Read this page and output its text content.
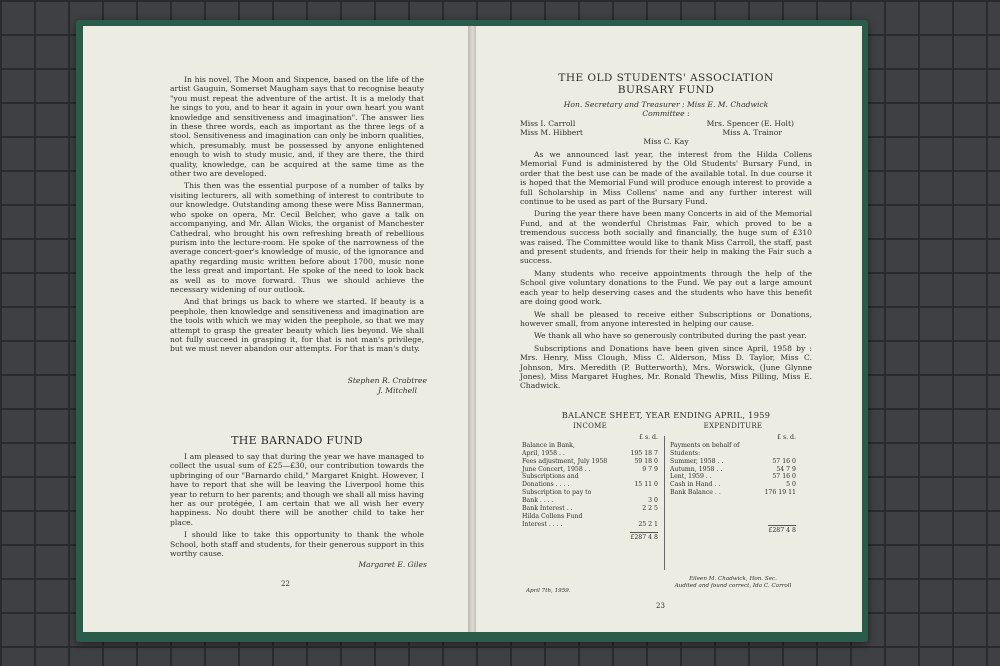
In his novel, The Moon and Sixpence, based on the life of the artist Gauguin, Somerset Maugham says that to recognise beauty "you must repeat the adventure of the artist. It is a melody that he sings to you, and to hear it again in your own heart you want knowledge and sensitiveness and imagination". The answer lies in these three words, each as important as the three legs of a stool. Sensitiveness and imagination can only be inborn qualities, which, presumably, must be possessed by anyone enlightened enough to wish to study music, and, if they are there, the third quality, knowledge, can be acquired at the same time as the other two are developed.

This then was the essential purpose of a number of talks by visiting lecturers, all with something of interest to contribute to our knowledge. Outstanding among these were Miss Bannerman, who spoke on opera, Mr. Cecil Belcher, who gave a talk on accompanying, and Mr. Allan Wicks, the organist of Manchester Cathedral, who brought his own refreshing breath of rebellious purism into the lecture-room. He spoke of the narrowness of the average concert-goer's knowledge of music, of the ignorance and apathy regarding music written before about 1700, music none the less great and important. He spoke of the need to look back as well as to move forward. Thus we should achieve the necessary widening of our outlook.

And that brings us back to where we started. If beauty is a peephole, then knowledge and sensitiveness and imagination are the tools with which we may widen the peephole, so that we may attempt to grasp the greater beauty which lies beyond. We shall not fully succeed in grasping it, for that is not man's privilege, but we must never abandon our attempts. For that is man's duty.

Stephen R. Crabtree
J. Mitchell
THE BARNADO FUND

I am pleased to say that during the year we have managed to collect the usual sum of £25—£30, our contribution towards the upbringing of our "Barnardo child," Margaret Knight. However, I have to report that she will be leaving the Liverpool home this year to return to her parents; and though we shall all miss having her as our protégée, I am certain that we all wish her every happiness. No doubt there will be another child to take her place.

I should like to take this opportunity to thank the whole School, both staff and students, for their generous support in this worthy cause.

Margaret E. Giles
22
THE OLD STUDENTS' ASSOCIATION
BURSARY FUND
Hon. Secretary and Treasurer : Miss E. M. Chadwick
Committee :
Miss I. Carroll	Mrs. Spencer (E. Holt)
Miss M. Hibbert	Miss A. Trainor
Miss C. Kay

As we announced last year, the interest from the Hilda Collens Memorial Fund is administered by the Old Students' Bursary Fund, in order that the best use can be made of the available total. In due course it is hoped that the Memorial Fund will produce enough interest to provide a full Scholarship in Miss Collens' name and any further interest will continue to be used as part of the Bursary Fund.

During the year there have been many Concerts in aid of the Memorial Fund, and at the wonderful Christmas Fair, which proved to be a tremendous success both socially and financially, the huge sum of £310 was raised. The Committee would like to thank Miss Carroll, the staff, past and present students, and friends for their help in making the Fair such a success.

Many students who receive appointments through the help of the School give voluntary donations to the Fund. We pay out a large amount each year to help deserving cases and the students who have this benefit are doing good work.

We shall be pleased to receive either Subscriptions or Donations, however small, from anyone interested in helping our cause.

We thank all who have so generously contributed during the past year.

Subscriptions and Donations have been given since April, 1958 by : Mrs. Henry, Miss Clough, Miss C. Alderson, Miss D. Taylor, Miss C. Johnson, Mrs. Meredith (P. Butterworth), Mrs. Worswick, (June Glynne Jones), Miss Margaret Hughes, Mr. Ronald Thewlis, Miss Pilling, Miss E. Chadwick.

BALANCE SHEET, YEAR ENDING APRIL, 1959
INCOME

£ s. d.
Balance in Bank,
April, 1958 . .	195 18 7
Fees adjustment, July 1958	59 18 0
June Concert, 1958 . .	9 7 9
Subscriptions and
Donations . . . .	15 11 0
Subscription to pay to
Bank . . . .	3 0
Bank Interest . .	2 2 5
Hilda Collens Fund
Interest . . . .	25 2 1

£287 4 8
EXPENDITURE

£ s. d.
Payments on behalf of
Students:
Summer, 1958 . .	57 16 0
Autumn, 1958 . .	54 7 9
Lent, 1959 . .	57 16 0
Cash in Hand . .	5 0
Bank Balance . .	176 19 11

£287 4 8
April 7th, 1959.
Eileen M. Chadwick, Hon. Sec.
Audited and found correct, Ida C. Carroll
23
